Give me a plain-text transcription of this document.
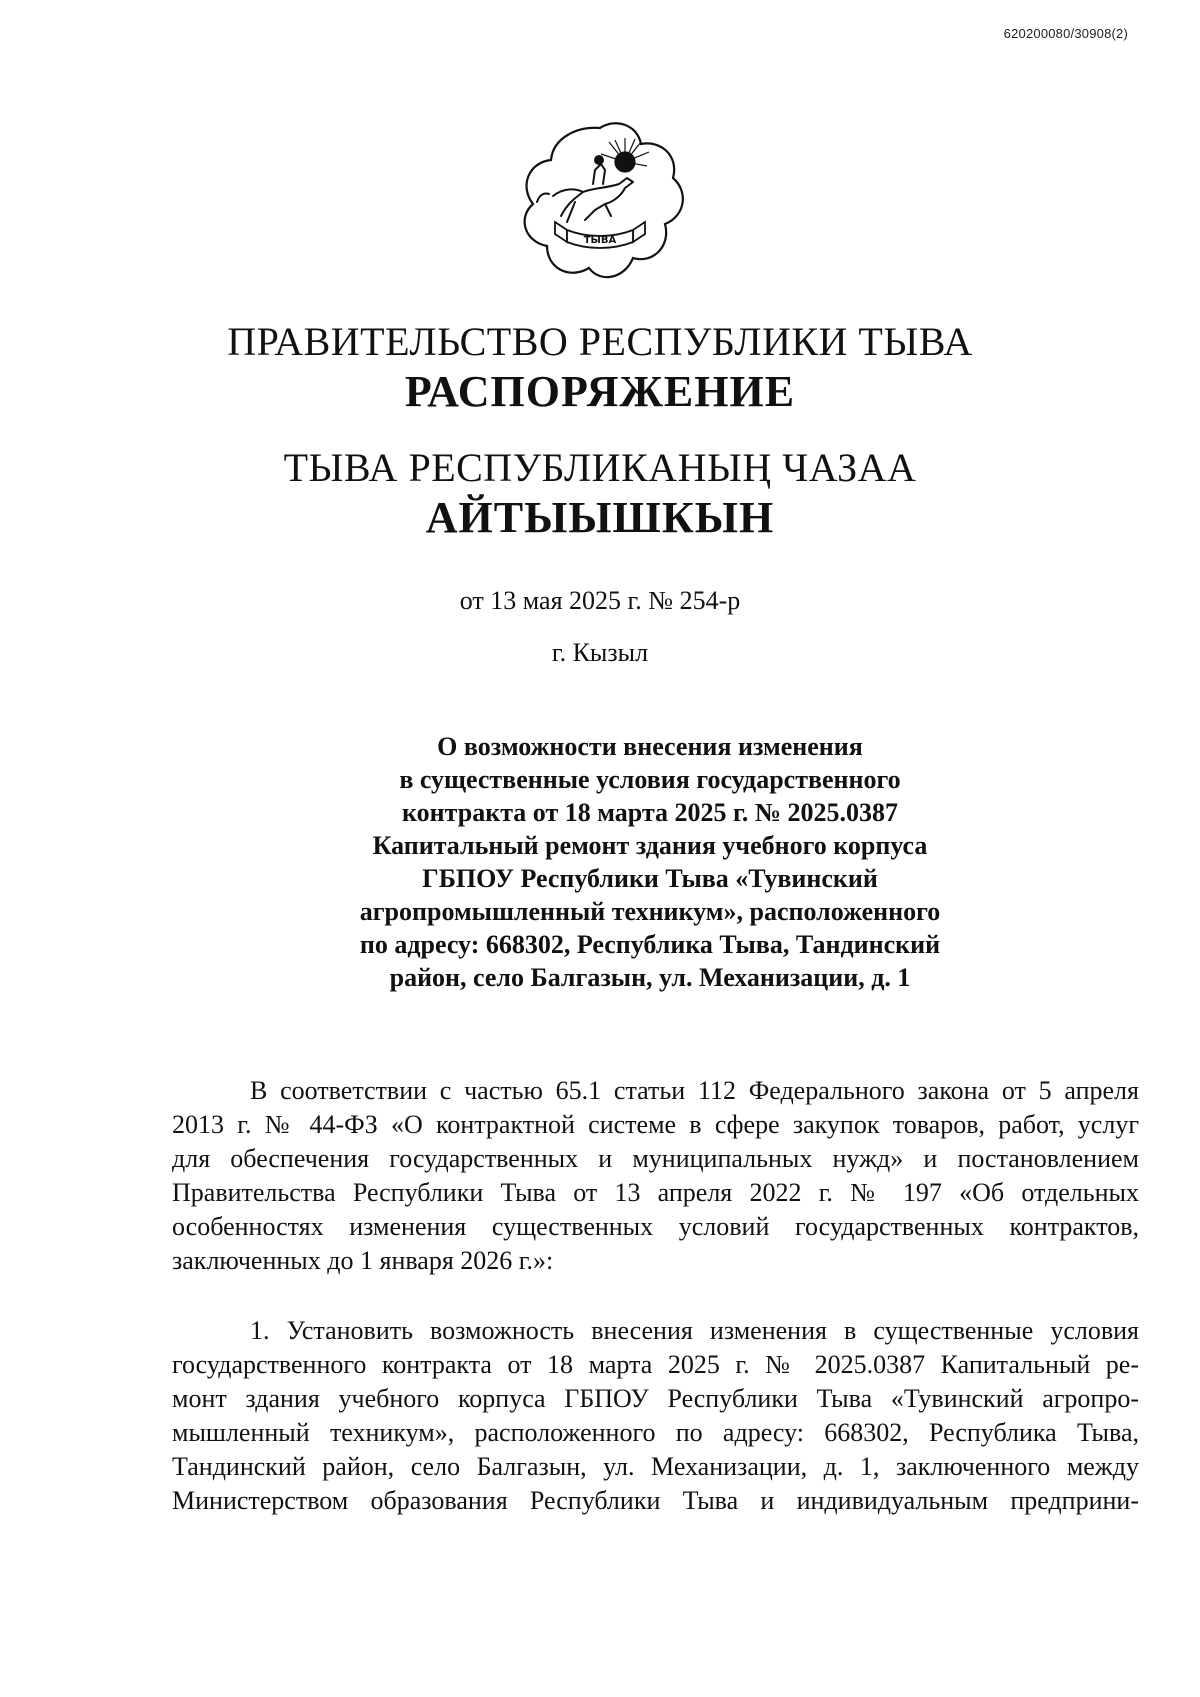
620200080/30908(2)
ТЫВА
ПРАВИТЕЛЬСТВО РЕСПУБЛИКИ ТЫВА
РАСПОРЯЖЕНИЕ
ТЫВА РЕСПУБЛИКАНЫҢ ЧАЗАА
АЙТЫЫШКЫН
от 13 мая 2025 г. № 254-р
г. Кызыл
О возможности внесения изменения
в существенные условия государственного
контракта от 18 марта 2025 г. № 2025.0387
Капитальный ремонт здания учебного корпуса
ГБПОУ Республики Тыва «Тувинский
агропромышленный техникум», расположенного
по адресу: 668302, Республика Тыва, Тандинский
район, село Балгазын, ул. Механизации, д. 1
В соответствии с частью 65.1 статьи 112 Федерального закона от 5 апреля
2013 г. № 44-ФЗ «О контрактной системе в сфере закупок товаров, работ, услуг
для обеспечения государственных и муниципальных нужд» и постановлением
Правительства Республики Тыва от 13 апреля 2022 г. № 197 «Об отдельных
особенностях изменения существенных условий государственных контрактов,
заключенных до 1 января 2026 г.»:
1. Установить возможность внесения изменения в существенные условия
государственного контракта от 18 марта 2025 г. № 2025.0387 Капитальный ре-
монт здания учебного корпуса ГБПОУ Республики Тыва «Тувинский агропро-
мышленный техникум», расположенного по адресу: 668302, Республика Тыва,
Тандинский район, село Балгазын, ул. Механизации, д. 1, заключенного между
Министерством образования Республики Тыва и индивидуальным предприни-
